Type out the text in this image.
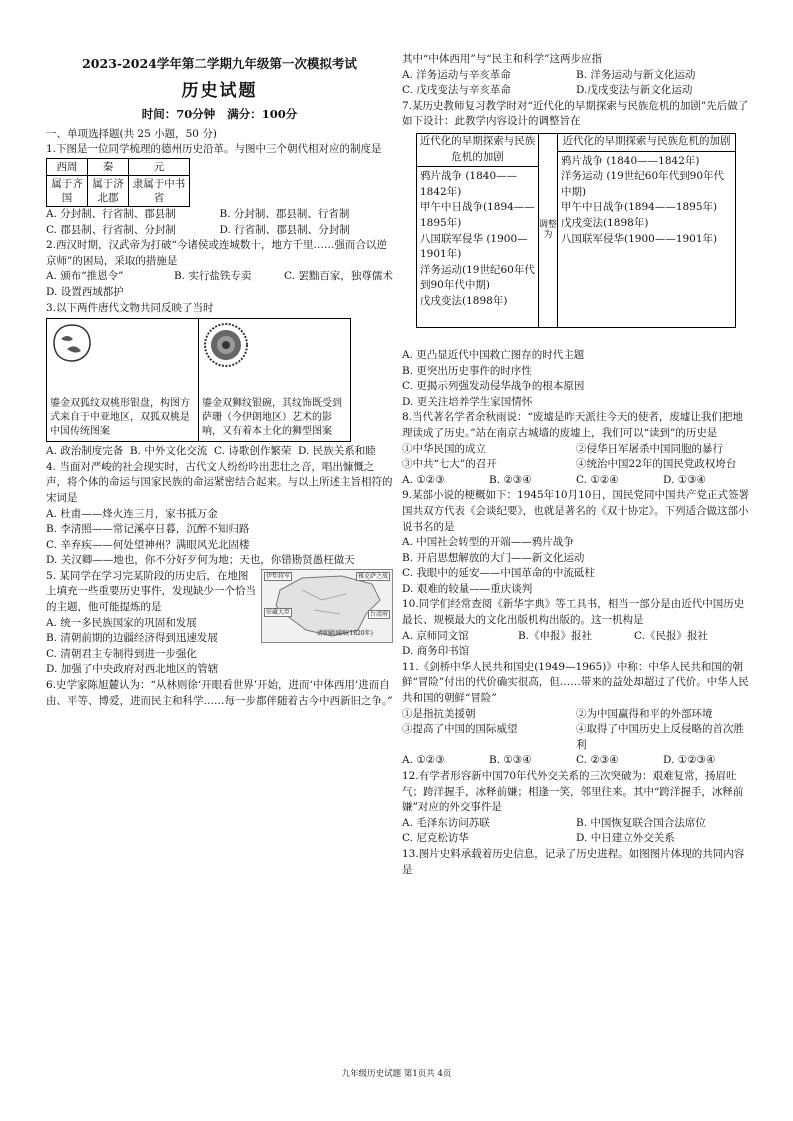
2023-2024学年第二学期九年级第一次模拟考试

历史试题

时间：70分钟   满分：100分

一、单项选择题(共 25 小题，50 分)

1.下图是一位同学梳理的德州历史沿革。与图中三个朝代相对应的制度是

西周	秦	元
属于齐国	属于济北郡	隶属于中书省
A. 分封制、行省制、郡县制	B. 分封制、郡县制、行省制
C. 郡县制、行省制、分封制	D. 行省制、郡县制、分封制

2.西汉时期，汉武帝为打破“今诸侯或连城数十，地方千里……强而合以逆京师”的困局，采取的措施是

A. 颁布“推恩令”	B. 实行盐铁专卖	C. 罢黜百家，独尊儒术

D. 设置西域都护

3.以下两件唐代文物共同反映了当时

鎏金双狐纹双桃形银盘，构图方式来自于中亚地区，双狐双桃是中国传统图案

鎏金双狮纹银碗，其纹饰既受到萨珊（今伊朗地区）艺术的影响，又有着本土化的狮型图案

A. 政治制度完备  B. 中外文化交流  C. 诗歌创作繁荣  D. 民族关系和睦

4. 当面对严峻的社会现实时，古代文人纷纷吟出悲壮之音，唱出慷慨之声，将个体的命运与国家民族的命运紧密结合起来。与以上所述主旨相符的宋词是

A. 杜甫——烽火连三月，家书抵万金

B. 李清照——常记溪亭日暮，沉醉不知归路

C. 辛弃疾——何处望神州？满眼风光北固楼

D. 关汉卿——地也，你不分好歹何为地；天也，你错勘贤愚枉做天

5. 某同学在学习完某阶段的历史后，在地图上填充一些重要历史事件，发现缺少一个恰当的主题，他可能提炼的是

伊犁将军
驻藏大臣
雅克萨之战
台湾府
清朝疆域图(1820年)

A. 统一多民族国家的巩固和发展

B. 清朝前期的边疆经济得到迅速发展

C. 清朝君主专制得到进一步强化

D. 加强了中央政府对西北地区的管辖

6.史学家陈旭麓认为：“从林则徐‘开眼看世界’开始，进而‘中体西用’进而自由、平等、博爱，进而民主和科学……每一步都伴随着古今中西新旧之争。”

其中“中体西用”与“民主和科学”这两步应指

A. 洋务运动与辛亥革命	B. 洋务运动与新文化运动
C. 戊戌变法与辛亥革命	D.戊戌变法与新文化运动

7.某历史教师复习教学时对“近代化的早期探索与民族危机的加剧”先后做了如下设计：此教学内容设计的调整旨在

近代化的早期探索与民族危机的加剧

鸦片战争 (1840——1842年)

甲午中日战争(1894——1895年)

八国联军侵华 (1900—1901年)

洋务运动(19世纪60年代到90年代中期)

戊戌变法(1898年)

调整为

近代化的早期探索与民族危机的加剧

鸦片战争 (1840——1842年)

洋务运动 (19世纪60年代到90年代中期)

甲午中日战争(1894——1895年)

戊戌变法(1898年)

八国联军侵华(1900——1901年)

A. 更凸显近代中国救亡图存的时代主题

B. 更突出历史事件的时序性

C. 更揭示列强发动侵华战争的根本原因

D. 更关注培养学生家国情怀

8.当代著名学者余秋雨说：“废墟是昨天派往今天的使者，废墟让我们把地理读成了历史。”站在南京古城墙的废墟上，我们可以“读到”的历史是

①中华民国的成立	②侵华日军屠杀中国同胞的暴行
③中共“七大”的召开	④统治中国22年的国民党政权垮台
A. ①②③	B. ②③④	C. ①②④	D. ①③④

9.某部小说的梗概如下：1945年10月10日，国民党同中国共产党正式签署国共双方代表《会谈纪要》，也就是著名的《双十协定》。下列适合做这部小说书名的是

A. 中国社会转型的开端——鸦片战争

B. 开启思想解放的大门——新文化运动

C. 我眼中的延安——中国革命的中流砥柱

D. 艰难的较量——重庆谈判

10.同学们经常查阅《新华字典》等工具书，相当一部分是由近代中国历史最长、规模最大的文化出版机构出版的。这一机构是

A. 京师同文馆	B.《申报》报社	C.《民报》报社
D. 商务印书馆

11.《剑桥中华人民共和国史(1949—1965)》中称：中华人民共和国的朝鲜“冒险”付出的代价确实很高，但……带来的益处却超过了代价。中华人民共和国的朝鲜“冒险”

①是指抗美援朝	②为中国赢得和平的外部环境
③提高了中国的国际威望	④取得了中国历史上反侵略的首次胜利
A. ①②③	B. ①③④	C. ②③④	D. ①②③④

12.有学者形容新中国70年代外交关系的三次突破为：艰难复常，扬眉吐气；跨洋握手，冰释前嫌；相逢一笑，邻里往来。其中“跨洋握手，冰释前嫌”对应的外交事件是

A. 毛泽东访问苏联	B. 中国恢复联合国合法席位
C. 尼克松访华	D. 中日建立外交关系

13.图片史料承载着历史信息，记录了历史进程。如图图片体现的共同内容是

九年级历史试题 第1页共 4页
